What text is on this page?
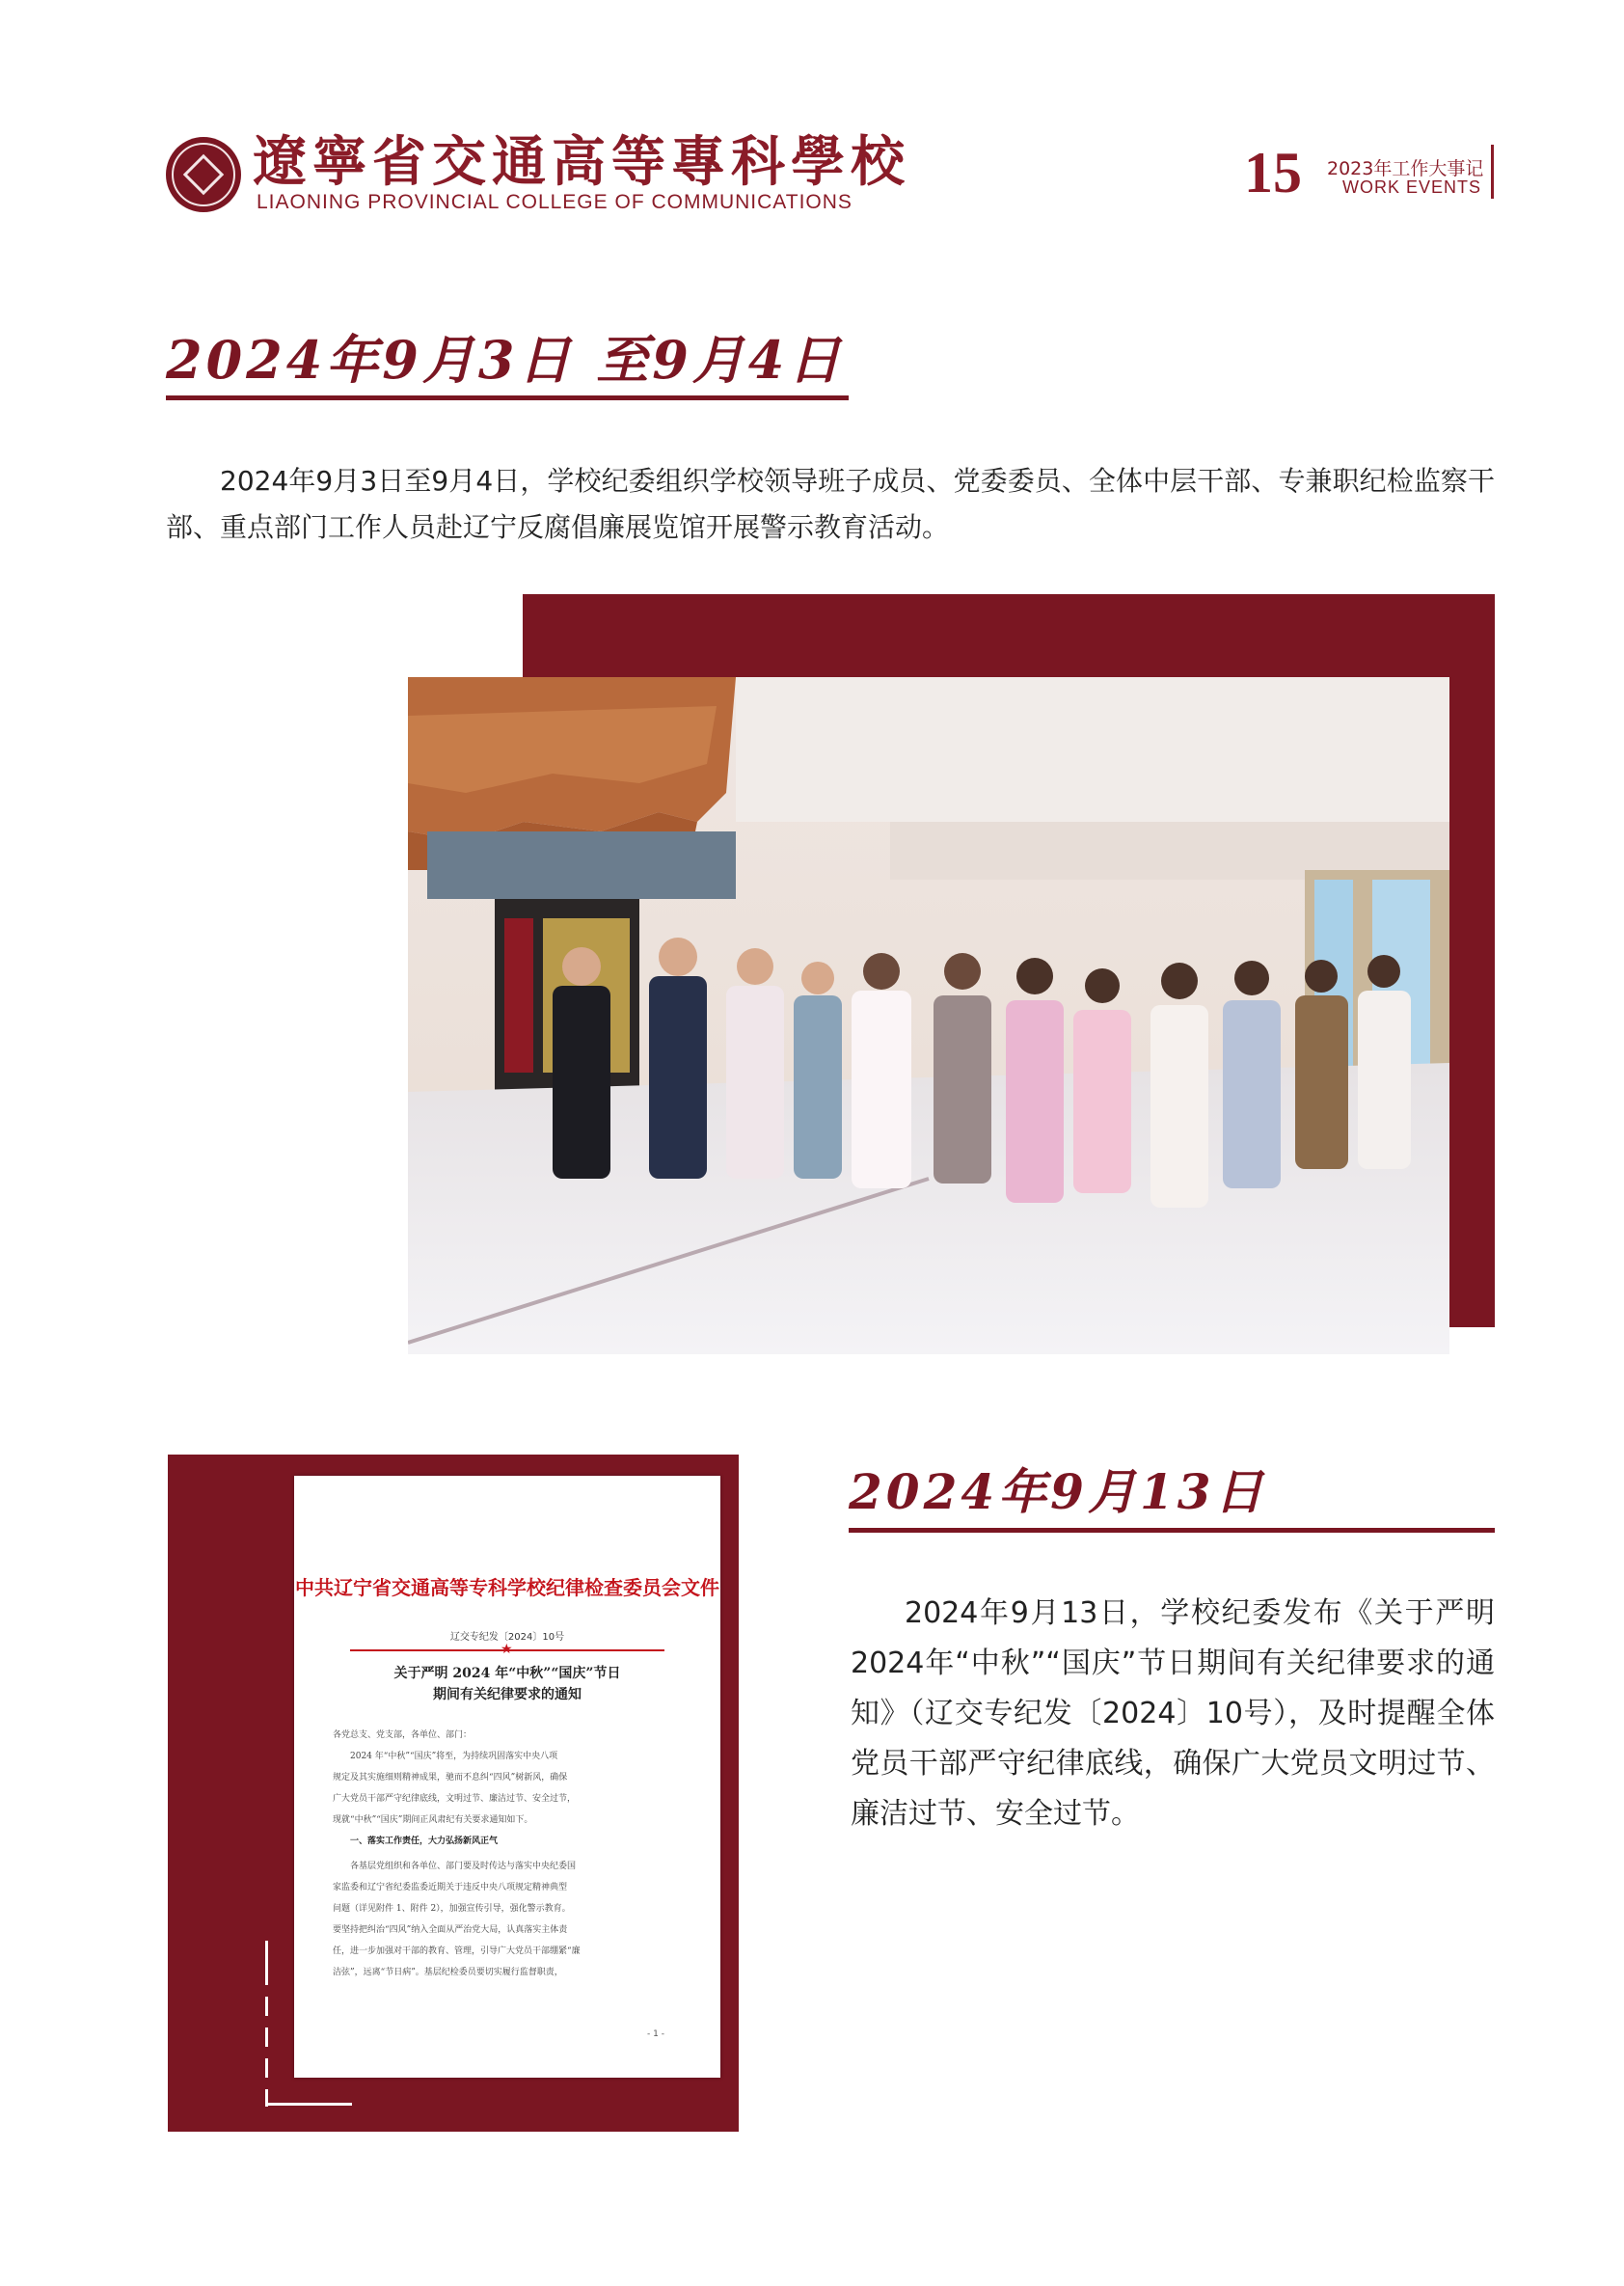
遼寧省交通高等專科學校
LIAONING PROVINCIAL COLLEGE OF COMMUNICATIONS	15 2023年工作大事记
WORK EVENTS
2024年9月3日 至9月4日
2024年9月3日至9月4日，学校纪委组织学校领导班子成员、党委委员、全体中层干部、专兼职纪检监察干部、重点部门工作人员赴辽宁反腐倡廉展览馆开展警示教育活动。
2024年9月13日
2024年9月13日，学校纪委发布《关于严明2024年“中秋”“国庆”节日期间有关纪律要求的通知》（辽交专纪发〔2024〕10号），及时提醒全体党员干部严守纪律底线，确保广大党员文明过节、廉洁过节、安全过节。
中共辽宁省交通高等专科学校纪律检查委员会文件
辽交专纪发〔2024〕10号
★
关于严明 2024 年“中秋”“国庆”节日
期间有关纪律要求的通知
各党总支、党支部，各单位、部门：
　　2024 年“中秋”“国庆”将至，为持续巩固落实中央八项
规定及其实施细则精神成果，驰而不息纠“四风”树新风，确保
广大党员干部严守纪律底线，文明过节、廉洁过节、安全过节，
现就“中秋”“国庆”期间正风肃纪有关要求通知如下。
　　一、落实工作责任，大力弘扬新风正气
　　各基层党组织和各单位、部门要及时传达与落实中央纪委国
家监委和辽宁省纪委监委近期关于违反中央八项规定精神典型
问题（详见附件 1、附件 2），加强宣传引导，强化警示教育。
要坚持把纠治“四风”纳入全面从严治党大局，认真落实主体责
任，进一步加强对干部的教育、管理，引导广大党员干部绷紧“廉
洁弦”，远离“节日病”。基层纪检委员要切实履行监督职责，
- 1 -
